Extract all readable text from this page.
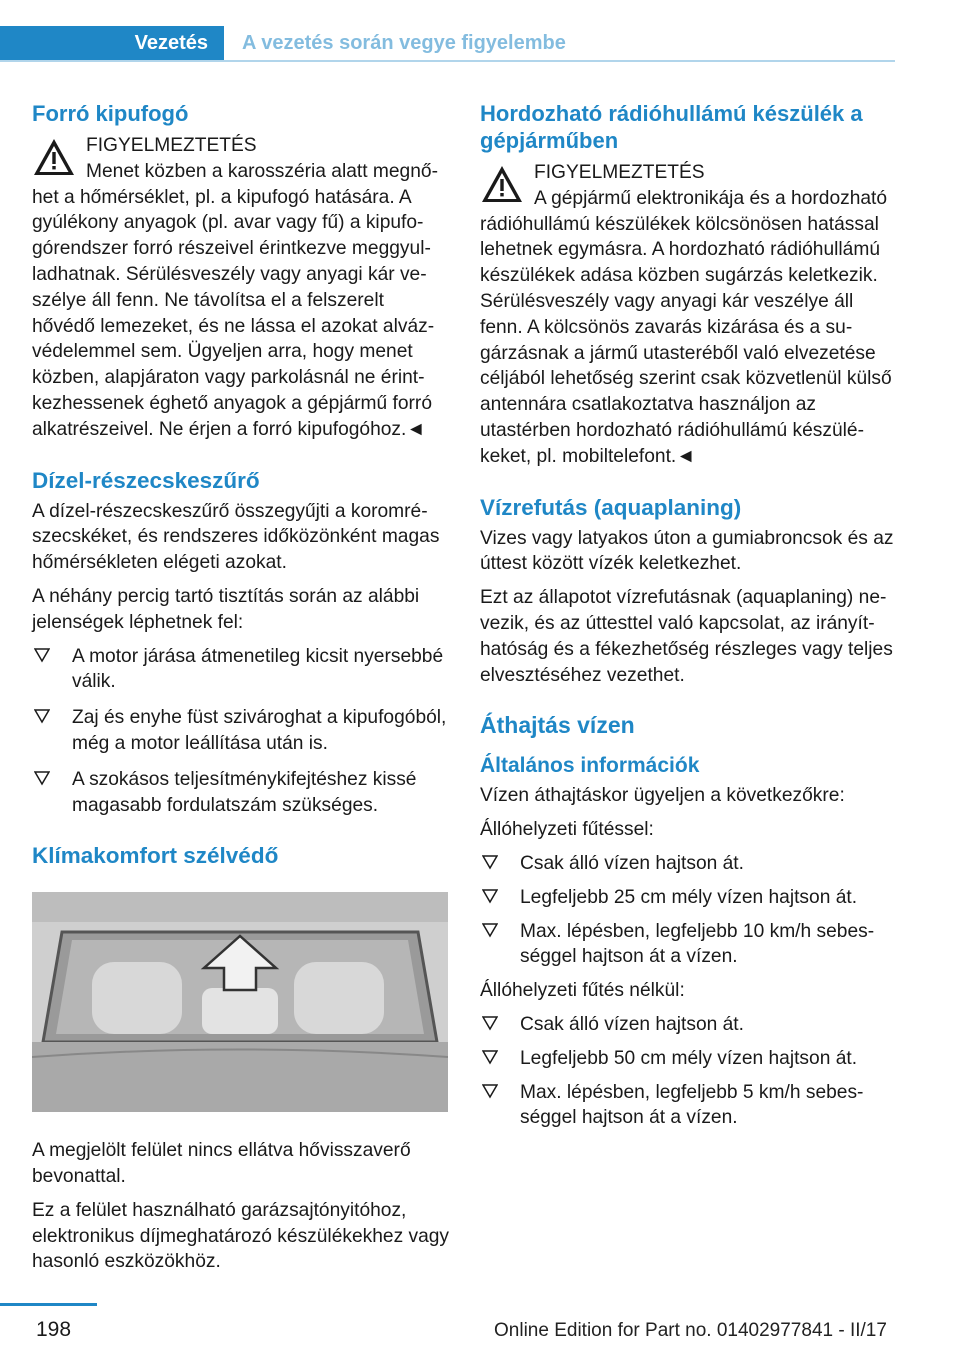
Vezetés	A vezetés során vegye figyelembe
Forró kipufogó
FIGYELMEZTETÉS

Menet közben a karosszéria alatt megnőhet a hőmérséklet, pl. a kipufogó hatására. A gyúlékony anyagok (pl. avar vagy fű) a kipufogórendszer forró részeivel érintkezve meggyulladhatnak. Sérülésveszély vagy anyagi kár veszélye áll fenn. Ne távolítsa el a felszerelt hővédő lemezeket, és ne lássa el azokat alvázvédelemmel sem. Ügyeljen arra, hogy menet közben, alapjáraton vagy parkolásnál ne érintkezhessenek éghető anyagok a gépjármű forró alkatrészeivel. Ne érjen a forró kipufogóhoz.◄

Dízel-részecskeszűrő

A dízel-részecskeszűrő összegyűjti a koromrészecskéket, és rendszeres időközönként magas hőmérsékleten elégeti azokat.

A néhány percig tartó tisztítás során az alábbi jelenségek léphetnek fel:

A motor járása átmenetileg kicsit nyersebbé válik.
Zaj és enyhe füst szivároghat a kipufogóból, még a motor leállítása után is.
A szokásos teljesítménykifejtéshez kissé magasabb fordulatszám szükséges.
Klímakomfort szélvédő

A megjelölt felület nincs ellátva hővisszaverő bevonattal.

Ez a felület használható garázsajtónyitóhoz, elektronikus díjmeghatározó készülékekhez vagy hasonló eszközökhöz.

Hordozható rádióhullámú készülék a gépjárműben
FIGYELMEZTETÉS

A gépjármű elektronikája és a hordozható rádióhullámú készülékek kölcsönösen hatással lehetnek egymásra. A hordozható rádióhullámú készülékek adása közben sugárzás keletkezik. Sérülésveszély vagy anyagi kár veszélye áll fenn. A kölcsönös zavarás kizárása és a sugárzásnak a jármű utasteréből való elvezetése céljából lehetőség szerint csak közvetlenül külső antennára csatlakoztatva használjon az utastérben hordozható rádióhullámú készülékeket, pl. mobiltelefont.◄

Vízrefutás (aquaplaning)

Vizes vagy latyakos úton a gumiabroncsok és az úttest között vízék keletkezhet.

Ezt az állapotot vízrefutásnak (aquaplaning) nevezik, és az úttesttel való kapcsolat, az irányíthatóság és a fékezhetőség részleges vagy teljes elvesztéséhez vezethet.

Áthajtás vízen
Általános információk

Vízen áthajtáskor ügyeljen a következőkre:

Állóhelyzeti fűtéssel:

Csak álló vízen hajtson át.
Legfeljebb 25 cm mély vízen hajtson át.
Max. lépésben, legfeljebb 10 km/h sebességgel hajtson át a vízen.

Állóhelyzeti fűtés nélkül:

Csak álló vízen hajtson át.
Legfeljebb 50 cm mély vízen hajtson át.
Max. lépésben, legfeljebb 5 km/h sebességgel hajtson át a vízen.
198	Online Edition for Part no. 01402977841 - II/17
